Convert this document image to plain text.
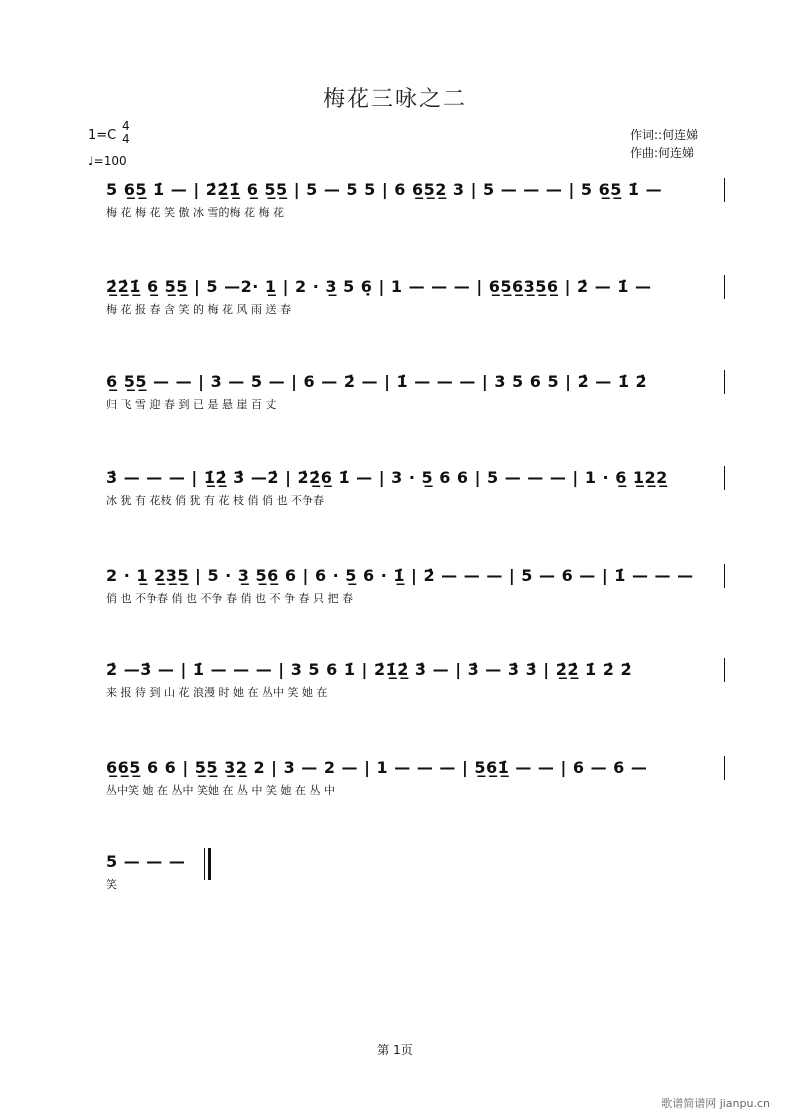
梅花三咏之二
1=C
4
4
♩=100
作词::何连娣
作曲:何连娣
5 6̲5̲ 1̇ — | 2̇2̲̇1̲̇ 6̲ 5̲5̲ | 5 — 5 5 | 6 6̲5̲2̲ 3 | 5 — — — | 5 6̲5̲ 1̇ —
梅 花 梅 花 笑 傲 冰 雪的梅 花 梅 花
2̲̇2̲̇1̲̇ 6̲ 5̲5̲ | 5 —2· 1̲ | 2 · 3̲ 5 6̣ | 1 — — — | 6̲5̲6̲3̲5̲6̲ | 2̇ — 1̇ —
梅 花 报 春 含 笑 的 梅 花 风 雨 送 春
6̲ 5̲5̲ — — | 3 — 5 — | 6 — 2̇ — | 1̇ — — — | 3 5 6 5 | 2̇ — 1̇ 2̇
归 飞 雪 迎 春 到 已 是 悬 崖 百 丈
3̇ — — — | 1̲̇2̲̇ 3̇ —2̇ | 2̇2̲̇6̲ 1̇ — | 3 · 5̲ 6 6 | 5 — — — | 1 · 6̲ 1̲2̲2̲
冰 犹 有 花枝 俏 犹 有 花 枝 俏 俏 也 不争春
2 · 1̲ 2̲3̲5̲ | 5 · 3̲ 5̲6̲ 6 | 6 · 5̲ 6 · 1̲̇ | 2̇ — — — | 5 — 6 — | 1̇ — — —
俏 也 不争春 俏 也 不争 春 俏 也 不 争 春 只 把 春
2̇ —3̇ — | 1̇ — — — | 3 5 6 1̇ | 2̇1̲̇2̲̇ 3̇ — | 3̇ — 3̇ 3̇ | 2̲̇2̲̇ 1̇ 2̇ 2̇
来 报 待 到 山 花 浪漫 时 她 在 丛中 笑 她 在
6̲6̲5̲ 6 6 | 5̲5̲ 3̲2̲ 2 | 3 — 2 — | 1 — — — | 5̲6̲1̲̇ — — | 6 — 6 —
丛中笑 她 在 丛中 笑她 在 丛 中 笑 她 在 丛 中
5 — — —
笑
第 1页
歌谱简谱网 jianpu.cn
